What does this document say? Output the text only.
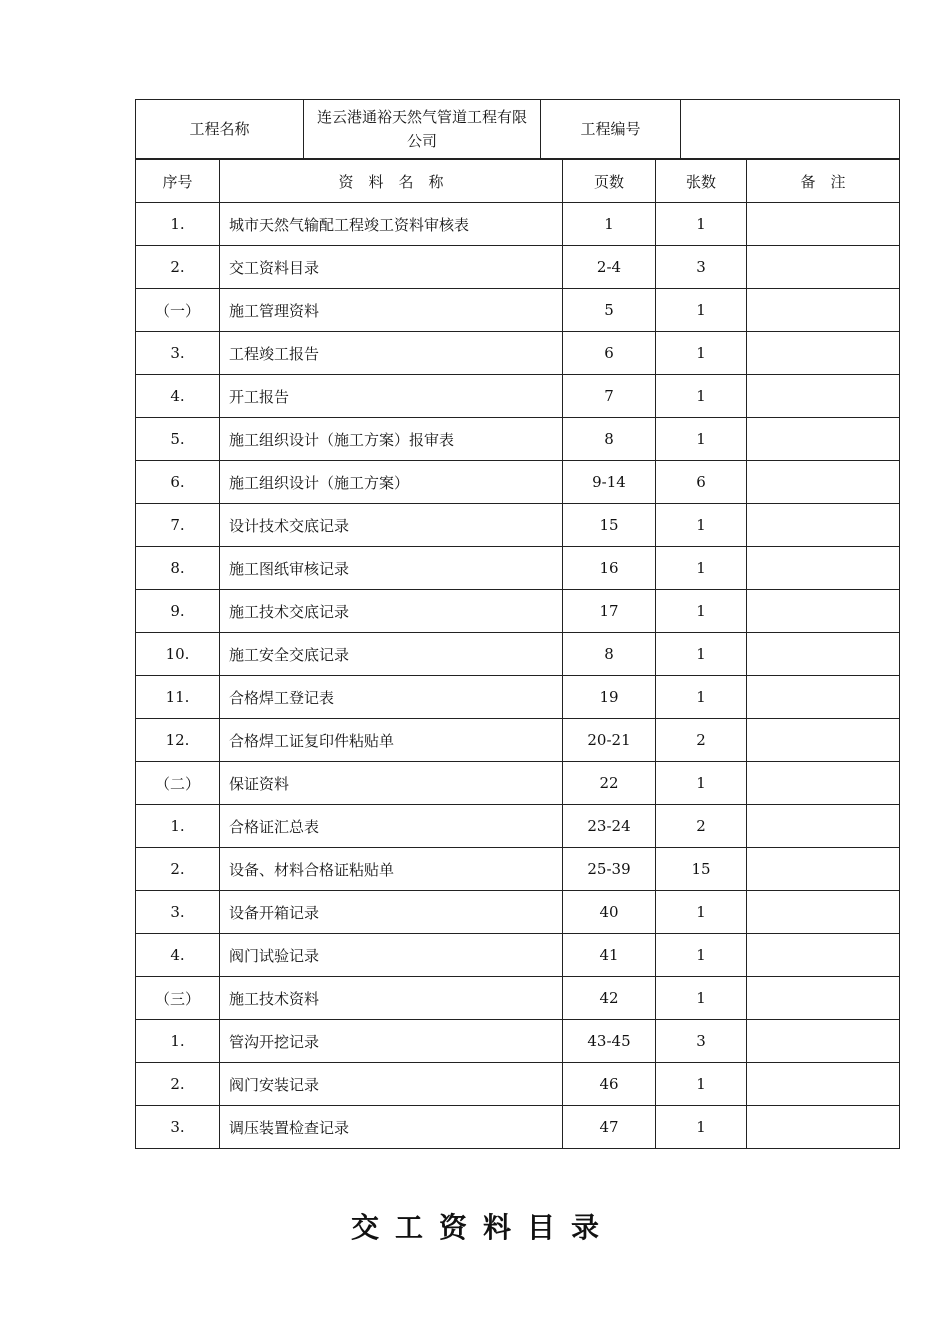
工程名称	连云港通裕天然气管道工程有限公司	工程编号	
序号	资　料　名　称	页数	张数	备　注
1.	城市天然气输配工程竣工资料审核表	1	1	
2.	交工资料目录	2-4	3	
（一）	施工管理资料	5	1	
3.	工程竣工报告	6	1	
4.	开工报告	7	1	
5.	施工组织设计（施工方案）报审表	8	1	
6.	施工组织设计（施工方案）	9-14	6	
7.	设计技术交底记录	15	1	
8.	施工图纸审核记录	16	1	
9.	施工技术交底记录	17	1	
10.	施工安全交底记录	8	1	
11.	合格焊工登记表	19	1	
12.	合格焊工证复印件粘贴单	20-21	2	
（二）	保证资料	22	1	
1.	合格证汇总表	23-24	2	
2.	设备、材料合格证粘贴单	25-39	15	
3.	设备开箱记录	40	1	
4.	阀门试验记录	41	1	
（三）	施工技术资料	42	1	
1.	管沟开挖记录	43-45	3	
2.	阀门安装记录	46	1	
3.	调压装置检查记录	47	1	
交工资料目录
